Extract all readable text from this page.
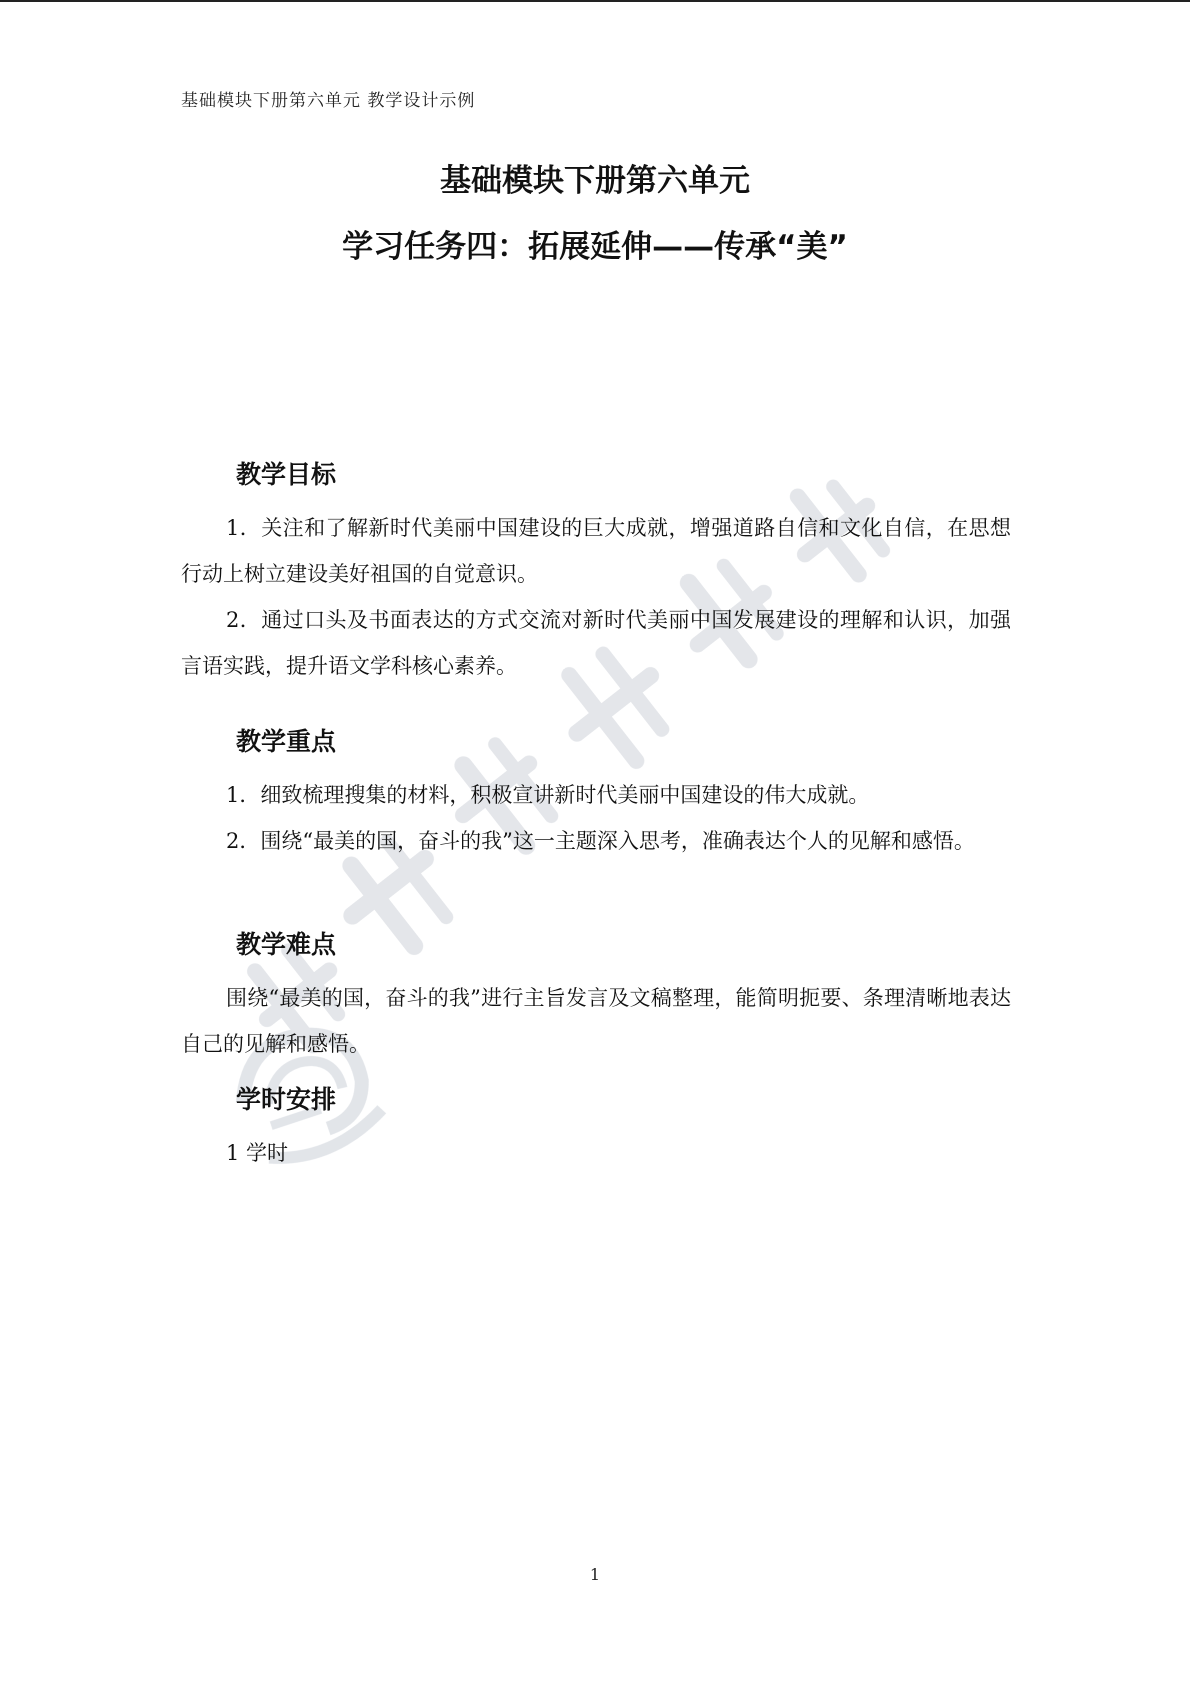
基础模块下册第六单元 教学设计示例
基础模块下册第六单元
学习任务四：拓展延伸——传承“美”
教学目标
1．关注和了解新时代美丽中国建设的巨大成就，增强道路自信和文化自信，在思想行动上树立建设美好祖国的自觉意识。
2．通过口头及书面表达的方式交流对新时代美丽中国发展建设的理解和认识，加强言语实践，提升语文学科核心素养。
教学重点
1．细致梳理搜集的材料，积极宣讲新时代美丽中国建设的伟大成就。
2．围绕“最美的国，奋斗的我”这一主题深入思考，准确表达个人的见解和感悟。
教学难点
围绕“最美的国，奋斗的我”进行主旨发言及文稿整理，能简明扼要、条理清晰地表达自己的见解和感悟。
学时安排
1 学时
1
